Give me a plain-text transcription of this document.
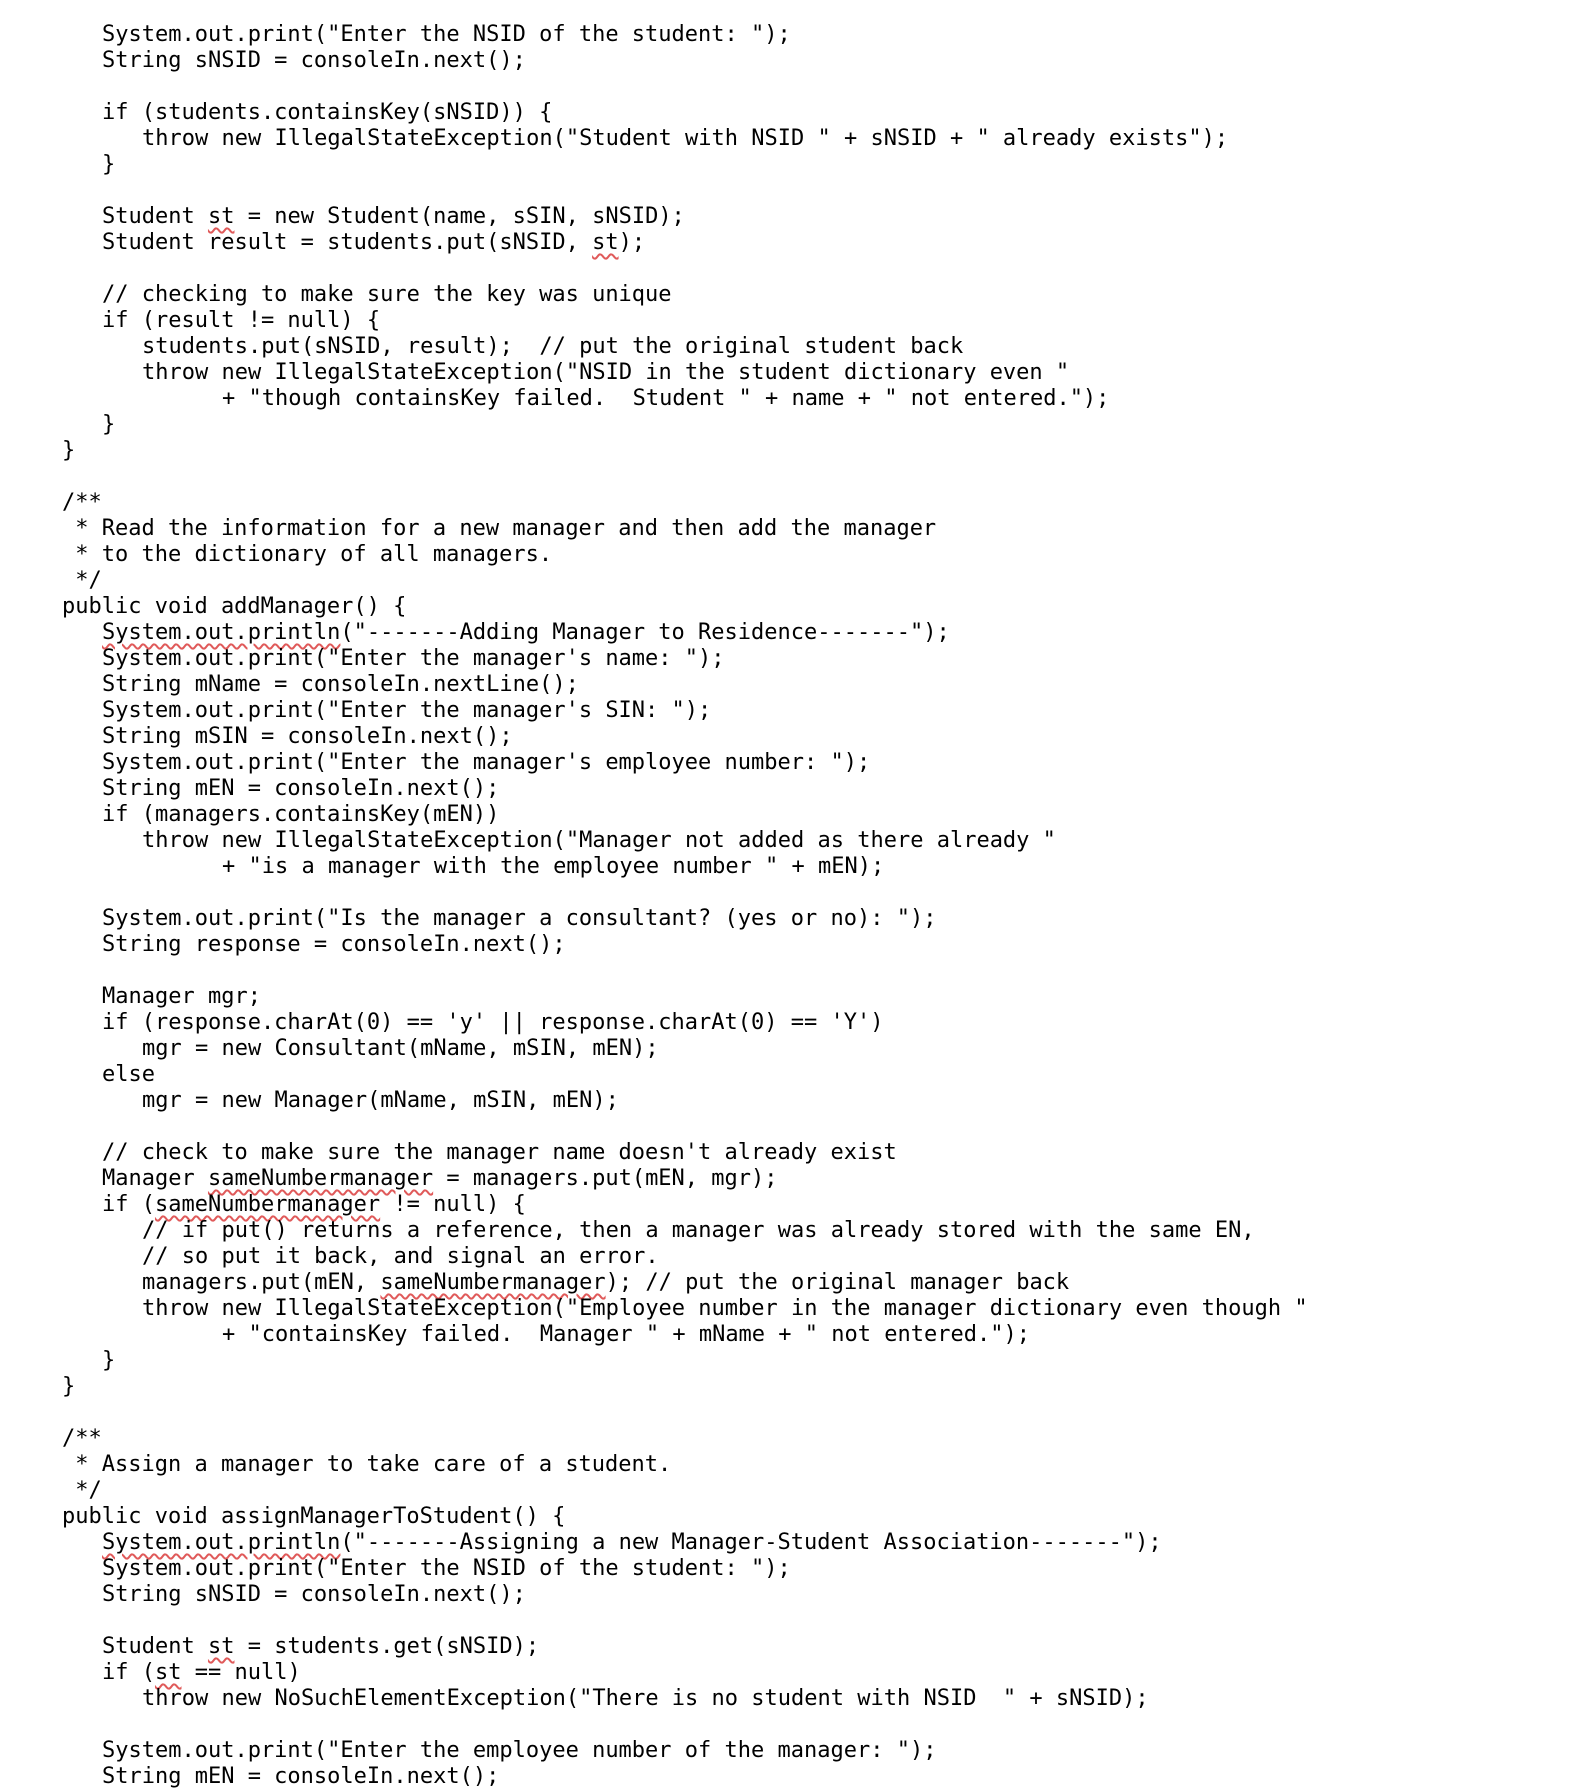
System.out.print("Enter the NSID of the student: ");
String sNSID = consoleIn.next();
if (students.containsKey(sNSID)) {
throw new IllegalStateException("Student with NSID " + sNSID + " already exists");
}
Student st = new Student(name, sSIN, sNSID);
Student result = students.put(sNSID, st);
// checking to make sure the key was unique
if (result != null) {
students.put(sNSID, result);  // put the original student back
throw new IllegalStateException("NSID in the student dictionary even "
+ "though containsKey failed.  Student " + name + " not entered.");
}
}
/**
* Read the information for a new manager and then add the manager
* to the dictionary of all managers.
*/
public void addManager() {
System.out.println("-------Adding Manager to Residence-------");
System.out.print("Enter the manager's name: ");
String mName = consoleIn.nextLine();
System.out.print("Enter the manager's SIN: ");
String mSIN = consoleIn.next();
System.out.print("Enter the manager's employee number: ");
String mEN = consoleIn.next();
if (managers.containsKey(mEN))
throw new IllegalStateException("Manager not added as there already "
+ "is a manager with the employee number " + mEN);
System.out.print("Is the manager a consultant? (yes or no): ");
String response = consoleIn.next();
Manager mgr;
if (response.charAt(0) == 'y' || response.charAt(0) == 'Y')
mgr = new Consultant(mName, mSIN, mEN);
else
mgr = new Manager(mName, mSIN, mEN);
// check to make sure the manager name doesn't already exist
Manager sameNumbermanager = managers.put(mEN, mgr);
if (sameNumbermanager != null) {
// if put() returns a reference, then a manager was already stored with the same EN,
// so put it back, and signal an error.
managers.put(mEN, sameNumbermanager); // put the original manager back
throw new IllegalStateException("Employee number in the manager dictionary even though "
+ "containsKey failed.  Manager " + mName + " not entered.");
}
}
/**
* Assign a manager to take care of a student.
*/
public void assignManagerToStudent() {
System.out.println("-------Assigning a new Manager-Student Association-------");
System.out.print("Enter the NSID of the student: ");
String sNSID = consoleIn.next();
Student st = students.get(sNSID);
if (st == null)
throw new NoSuchElementException("There is no student with NSID  " + sNSID);
System.out.print("Enter the employee number of the manager: ");
String mEN = consoleIn.next();
